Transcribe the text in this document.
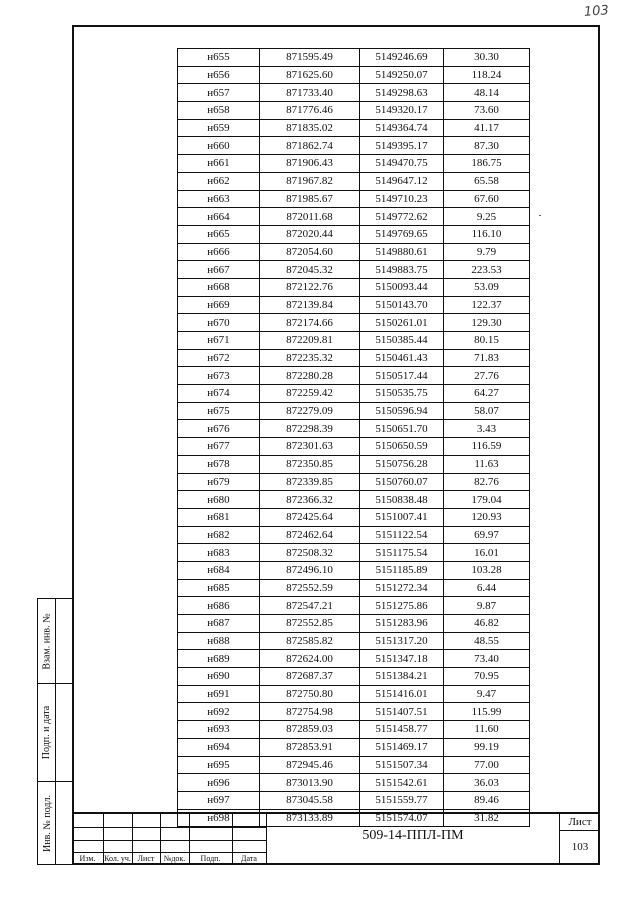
103
Взам. инв. №
Подп. и дата
Инв. № подл.
н655	871595.49	5149246.69	30.30
н656	871625.60	5149250.07	118.24
н657	871733.40	5149298.63	48.14
н658	871776.46	5149320.17	73.60
н659	871835.02	5149364.74	41.17
н660	871862.74	5149395.17	87.30
н661	871906.43	5149470.75	186.75
н662	871967.82	5149647.12	65.58
н663	871985.67	5149710.23	67.60
н664	872011.68	5149772.62	9.25
н665	872020.44	5149769.65	116.10
н666	872054.60	5149880.61	9.79
н667	872045.32	5149883.75	223.53
н668	872122.76	5150093.44	53.09
н669	872139.84	5150143.70	122.37
н670	872174.66	5150261.01	129.30
н671	872209.81	5150385.44	80.15
н672	872235.32	5150461.43	71.83
н673	872280.28	5150517.44	27.76
н674	872259.42	5150535.75	64.27
н675	872279.09	5150596.94	58.07
н676	872298.39	5150651.70	3.43
н677	872301.63	5150650.59	116.59
н678	872350.85	5150756.28	11.63
н679	872339.85	5150760.07	82.76
н680	872366.32	5150838.48	179.04
н681	872425.64	5151007.41	120.93
н682	872462.64	5151122.54	69.97
н683	872508.32	5151175.54	16.01
н684	872496.10	5151185.89	103.28
н685	872552.59	5151272.34	6.44
н686	872547.21	5151275.86	9.87
н687	872552.85	5151283.96	46.82
н688	872585.82	5151317.20	48.55
н689	872624.00	5151347.18	73.40
н690	872687.37	5151384.21	70.95
н691	872750.80	5151416.01	9.47
н692	872754.98	5151407.51	115.99
н693	872859.03	5151458.77	11.60
н694	872853.91	5151469.17	99.19
н695	872945.46	5151507.34	77.00
н696	873013.90	5151542.61	36.03
н697	873045.58	5151559.77	89.46
н698	873133.89	5151574.07	31.82
Изм.	Кол. уч. Лист	№док.	Подп.	Дата
509-14-ППЛ-ПМ
Лист
103
